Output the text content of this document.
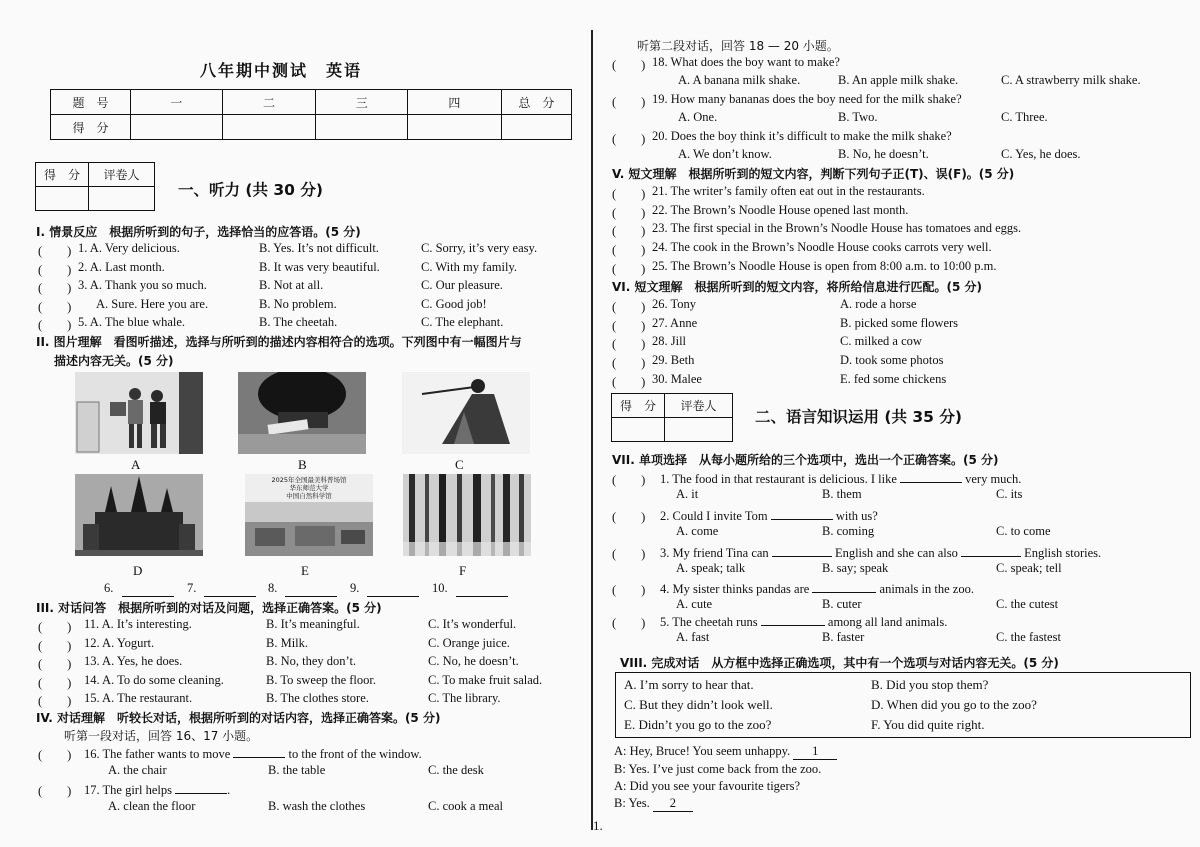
八年期中测试　英语
题　号	一	二	三	四	总　分
得　分					
得　分	评卷人

一、听力 (共 30 分)
I. 情景反应　根据所听到的句子，选择恰当的应答语。(5 分)
(　　) 1. A. Very delicious.	B. Yes. It’s not difficult.	C. Sorry, it’s very easy.
(　　) 2. A. Last month.	B. It was very beautiful.	C. With my family.
(　　) 3. A. Thank you so much.	B. Not at all.	C. Our pleasure.
(　　) A. Sure. Here you are.	B. No problem.	C. Good job!
(　　) 5. A. The blue whale.	B. The cheetah.	C. The elephant.
II. 图片理解　看图听描述，选择与所听到的描述内容相符合的选项。下列图中有一幅图片与
描述内容无关。(5 分)
A	B	C
2025年全国最美科普场馆
华东师范大学
中国自然科学馆
D	E	F
6.	7.	8.	9.	10.
III. 对话问答　根据所听到的对话及问题，选择正确答案。(5 分)
(　　) 11. A. It’s interesting.	B. It’s meaningful.	C. It’s wonderful.
(　　) 12. A. Yogurt.	B. Milk.	C. Orange juice.
(　　) 13. A. Yes, he does.	B. No, they don’t.	C. No, he doesn’t.
(　　) 14. A. To do some cleaning.	B. To sweep the floor.	C. To make fruit salad.
(　　) 15. A. The restaurant.	B. The clothes store.	C. The library.
IV. 对话理解　听较长对话，根据所听到的对话内容，选择正确答案。(5 分)
听第一段对话，回答 16、17 小题。
(　　) 16. The father wants to move	to the front of the window.
A. the chair	B. the table	C. the desk
(　　) 17. The girl helps	.
A. clean the floor	B. wash the clothes	C. cook a meal
听第二段对话，回答 18 — 20 小题。
(　　) 18. What does the boy want to make?
A. A banana milk shake.	B. An apple milk shake.	C. A strawberry milk shake.
(　　) 19. How many bananas does the boy need for the milk shake?
A. One.	B. Two.	C. Three.
(　　) 20. Does the boy think it’s difficult to make the milk shake?
A. We don’t know.	B. No, he doesn’t.	C. Yes, he does.
V. 短文理解　根据所听到的短文内容，判断下列句子正(T)、误(F)。(5 分)
(　　) 21. The writer’s family often eat out in the restaurants.
(　　) 22. The Brown’s Noodle House opened last month.
(　　) 23. The first special in the Brown’s Noodle House has tomatoes and eggs.
(　　) 24. The cook in the Brown’s Noodle House cooks carrots very well.
(　　) 25. The Brown’s Noodle House is open from 8:00 a.m. to 10:00 p.m.
VI. 短文理解　根据所听到的短文内容，将所给信息进行匹配。(5 分)
(　　) 26. Tony	A. rode a horse
(　　) 27. Anne	B. picked some flowers
(　　) 28. Jill	C. milked a cow
(　　) 29. Beth	D. took some photos
(　　) 30. Malee	E. fed some chickens
得　分	评卷人

二、语言知识运用 (共 35 分)
VII. 单项选择　从每小题所给的三个选项中，选出一个正确答案。(5 分)
(　　) 1. The food in that restaurant is delicious. I like	very much.
A. it	B. them	C. its
(　　) 2. Could I invite Tom	with us?
A. come	B. coming	C. to come
(　　) 3. My friend Tina can	English and she can also	English stories.
A. speak; talk	B. say; speak	C. speak; tell
(　　) 4. My sister thinks pandas are	animals in the zoo.
A. cute	B. cuter	C. the cutest
(　　) 5. The cheetah runs	among all land animals.
A. fast	B. faster	C. the fastest
VIII. 完成对话　从方框中选择正确选项，其中有一个选项与对话内容无关。(5 分)
A. I’m sorry to hear that.	B. Did you stop them?
C. But they didn’t look well.	D. When did you go to the zoo?
E. Didn’t you go to the zoo?	F. You did quite right.
A: Hey, Bruce! You seem unhappy. 1
B: Yes. I’ve just come back from the zoo.
A: Did you see your favourite tigers?
B: Yes. 2
1.
